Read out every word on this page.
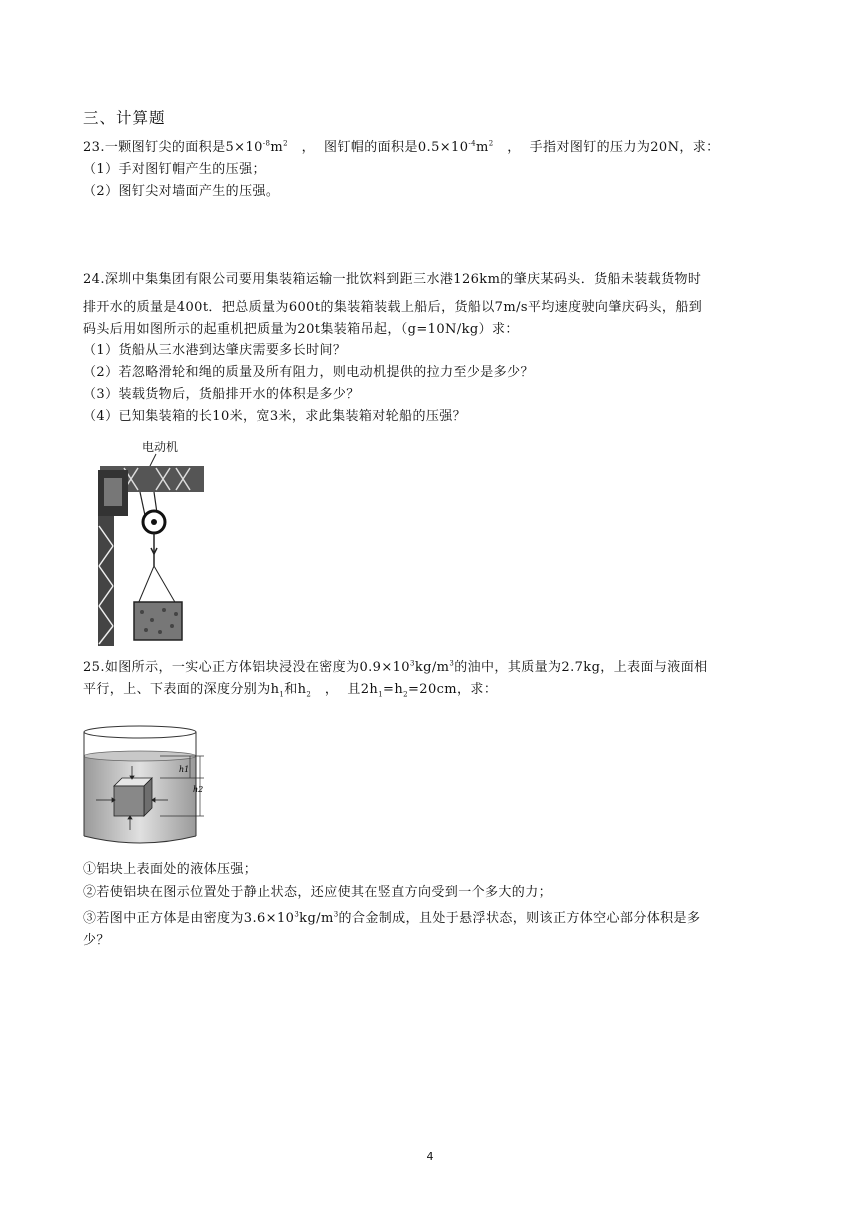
三、计算题
23.一颗图钉尖的面积是$5\times 10^{-8}m^2$   ，  图钉帽的面积是$0.5\times 10^{-4}m^2$   ，  手指对图钉的压力为20N，求：
（1）手对图钉帽产生的压强；
（2）图钉尖对墙面产生的压强。
24.深圳中集集团有限公司要用集装箱运输一批饮料到距三水港126km的肇庆某码头．货船未装载货物时
排开水的质量是400t．把总质量为600t的集装箱装载上船后，货船以7m/s平均速度驶向肇庆码头，船到
码头后用如图所示的起重机把质量为20t集装箱吊起，（g=10N/kg）求：
（1）货船从三水港到达肇庆需要多长时间？
（2）若忽略滑轮和绳的质量及所有阻力，则电动机提供的拉力至少是多少？
（3）装载货物后，货船排开水的体积是多少？
（4）已知集装箱的长10米，宽3米，求此集装箱对轮船的压强？
电动机
25.如图所示，一实心正方体铝块浸没在密度为$0.9\times 10^3kg/m^3$的油中，其质量为2.7kg，上表面与液面相
平行，上、下表面的深度分别为$h_1$和$h_2$   ，  且$2h_1=h_2=20cm$，求：
h1
h2
①铝块上表面处的液体压强；
②若使铝块在图示位置处于静止状态，还应使其在竖直方向受到一个多大的力；
③若图中正方体是由密度为$3.6\times 10^3kg/m^3$的合金制成，且处于悬浮状态，则该正方体空心部分体积是多
少？
4
